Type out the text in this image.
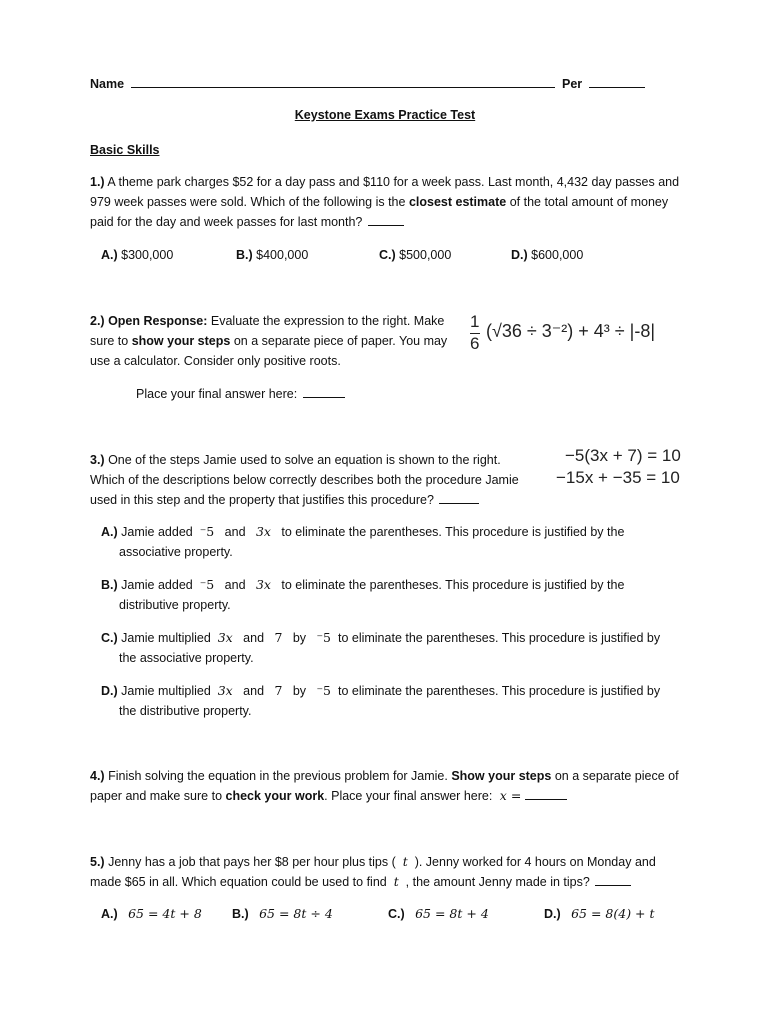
Name	Per
Keystone Exams Practice Test
Basic Skills
1.) A theme park charges $52 for a day pass and $110 for a week pass. Last month, 4,432 day passes and
979 week passes were sold. Which of the following is the closest estimate of the total amount of money
paid for the day and week passes for last month?
A.) $300,000	B.) $400,000	C.) $500,000	D.) $600,000
2.) Open Response: Evaluate the expression to the right. Make
sure to show your steps on a separate piece of paper. You may
use a calculator. Consider only positive roots.
Place your final answer here:
1
6
(√36 ÷ 3⁻²) + 4³ ÷ |-8|
3.) One of the steps Jamie used to solve an equation is shown to the right.
Which of the descriptions below correctly describes both the procedure Jamie
used in this step and the property that justifies this procedure?
−5(3x + 7) = 10
−15x + −35 = 10
A.) Jamie added ⁻5 and 3x to eliminate the parentheses. This procedure is justified by the
associative property.
B.) Jamie added ⁻5 and 3x to eliminate the parentheses. This procedure is justified by the
distributive property.
C.) Jamie multiplied 3x and 7 by ⁻5 to eliminate the parentheses. This procedure is justified by
the associative property.
D.) Jamie multiplied 3x and 7 by ⁻5 to eliminate the parentheses. This procedure is justified by
the distributive property.
4.) Finish solving the equation in the previous problem for Jamie. Show your steps on a separate piece of
paper and make sure to check your work. Place your final answer here: x =
5.) Jenny has a job that pays her $8 per hour plus tips ( t ). Jenny worked for 4 hours on Monday and
made $65 in all. Which equation could be used to find t , the amount Jenny made in tips?
A.) 65 = 4t + 8 B.) 65 = 8t ÷ 4	C.) 65 = 8t + 4	D.) 65 = 8(4) + t
